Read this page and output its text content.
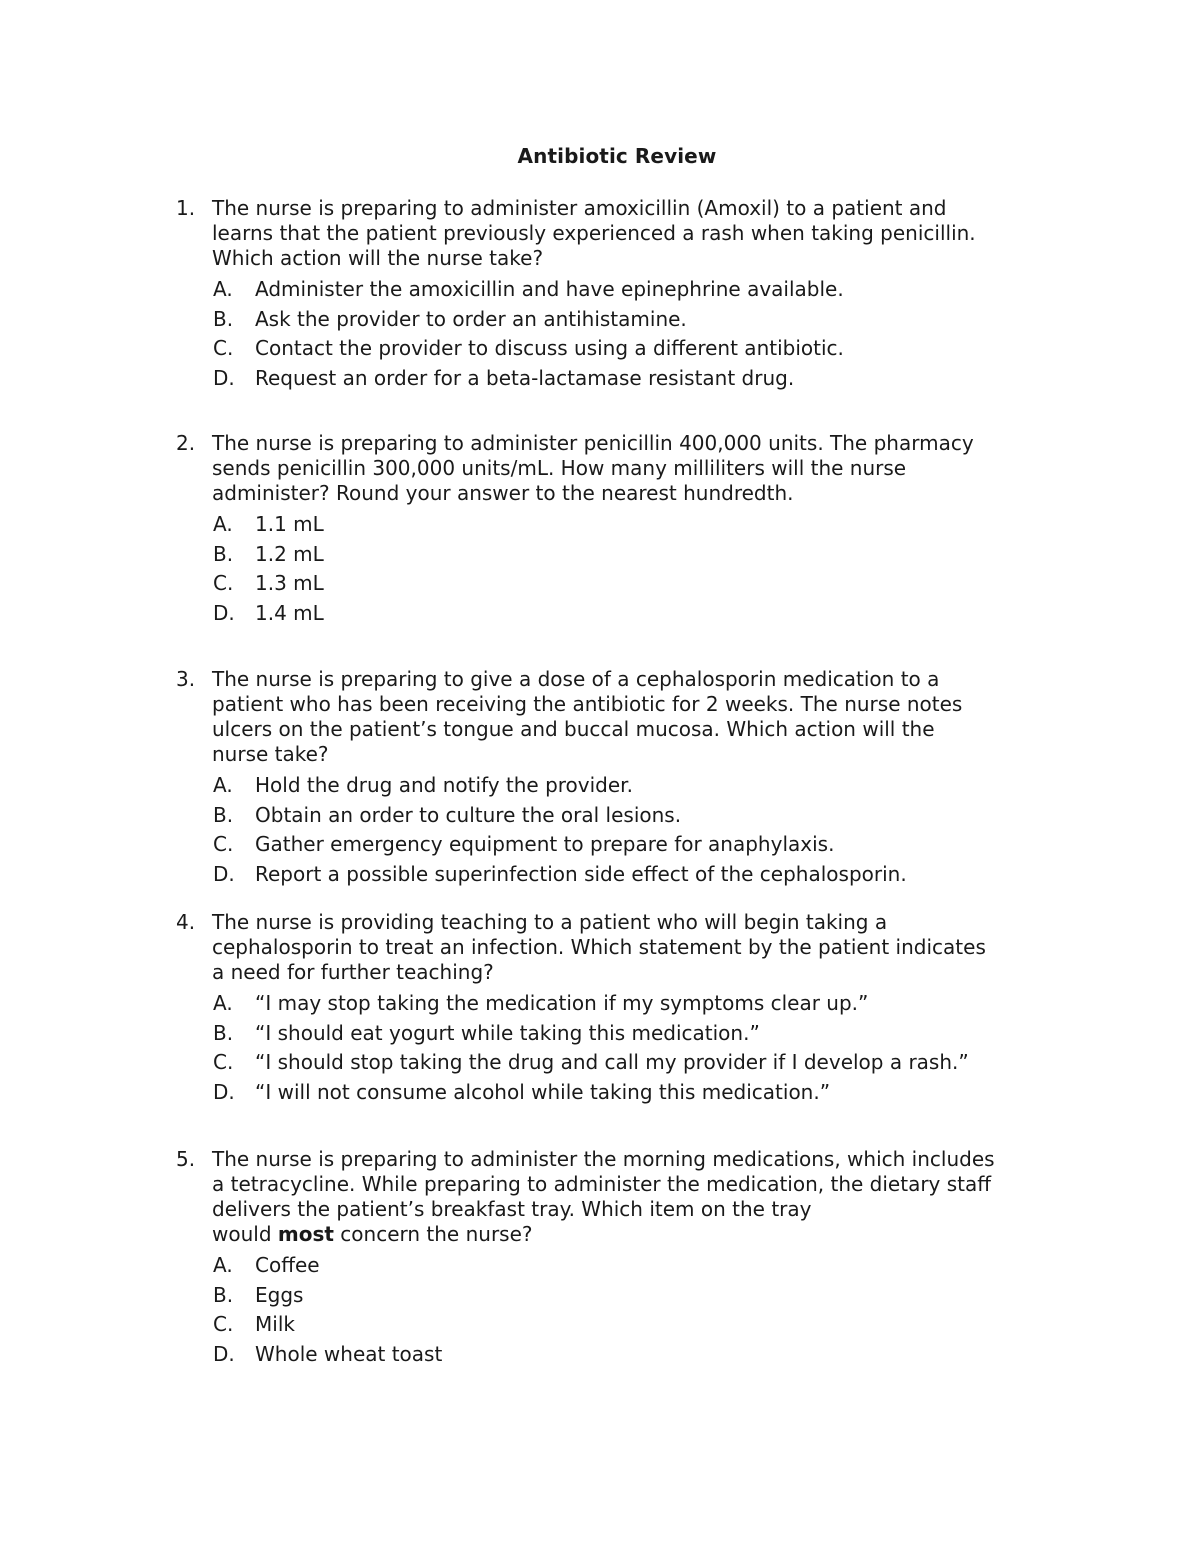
Antibiotic Review
1. The nurse is preparing to administer amoxicillin (Amoxil) to a patient and
learns that the patient previously experienced a rash when taking penicillin.
Which action will the nurse take?
A.	Administer the amoxicillin and have epinephrine available.
B.	Ask the provider to order an antihistamine.
C.	Contact the provider to discuss using a different antibiotic.
D.	Request an order for a beta-lactamase resistant drug.
2. The nurse is preparing to administer penicillin 400,000 units. The pharmacy
sends penicillin 300,000 units/mL. How many milliliters will the nurse
administer? Round your answer to the nearest hundredth.
A.	1.1 mL
B.	1.2 mL
C.	1.3 mL
D.	1.4 mL
3. The nurse is preparing to give a dose of a cephalosporin medication to a
patient who has been receiving the antibiotic for 2 weeks. The nurse notes
ulcers on the patient’s tongue and buccal mucosa. Which action will the
nurse take?
A.	Hold the drug and notify the provider.
B.	Obtain an order to culture the oral lesions.
C.	Gather emergency equipment to prepare for anaphylaxis.
D.	Report a possible superinfection side effect of the cephalosporin.
4. The nurse is providing teaching to a patient who will begin taking a
cephalosporin to treat an infection. Which statement by the patient indicates
a need for further teaching?
A.	“I may stop taking the medication if my symptoms clear up.”
B.	“I should eat yogurt while taking this medication.”
C.	“I should stop taking the drug and call my provider if I develop a rash.”
D.	“I will not consume alcohol while taking this medication.”
5. The nurse is preparing to administer the morning medications, which includes
a tetracycline. While preparing to administer the medication, the dietary staff
delivers the patient’s breakfast tray. Which item on the tray
would most concern the nurse?
A.	Coffee
B.	Eggs
C.	Milk
D.	Whole wheat toast
